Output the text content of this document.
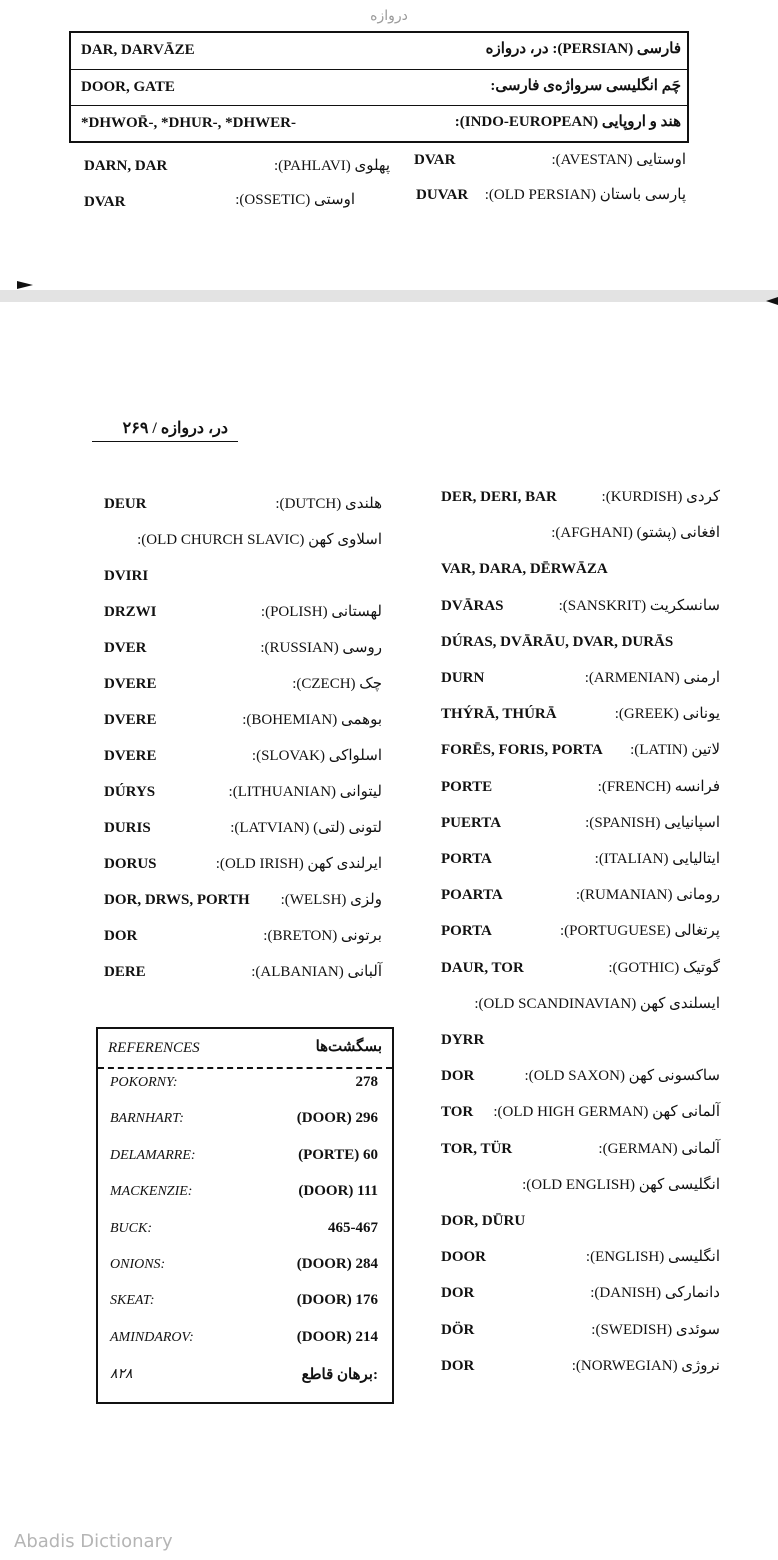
دروازه
DAR, DARVĀZE	فارسی (PERSIAN): در، دروازه
DOOR, GATE	چَم انگلیسی سرواژه‌ی فارسی:
*DHWOR̄-, *DHUR-, *DHWER-	هند و اروپایی (INDO-EUROPEAN):
DARN, DAR	پهلوی (PAHLAVI): DVAR	اوستایی (AVESTAN):
DVAR	اوستی (OSSETIC):	DUVAR	پارسی باستان (OLD PERSIAN):
در، دروازه / ۲۶۹
DER, DERI, BAR	کردی (KURDISH):
افغانی (پشتو) (AFGHANI):
VAR, DARA, DĒRWĀZA
DVĀRAS	سانسکریت (SANSKRIT):
DÚRAS, DVĀRĀU, DVAR, DURĀS
DURN	ارمنی (ARMENIAN):
THÝRĀ, THÚRĀ	یونانی (GREEK):
FORĒS, FORIS, PORTA	لاتین (LATIN):
PORTE	فرانسه (FRENCH):
PUERTA	اسپانیایی (SPANISH):
PORTA	ایتالیایی (ITALIAN):
POARTA	رومانی (RUMANIAN):
PORTA	پرتغالی (PORTUGUESE):
DAUR, TOR	گوتیک (GOTHIC):
ایسلندی کهن (OLD SCANDINAVIAN):
DYRR
DOR	ساکسونی کهن (OLD SAXON):
TOR آلمانی کهن (OLD HIGH GERMAN):
TOR, TÜR	آلمانی (GERMAN):
انگلیسی کهن (OLD ENGLISH):
DOR, DŪRU
DOOR	انگلیسی (ENGLISH):
DOR	دانمارکی (DANISH):
DÖR	سوئدی (SWEDISH):
DOR	نروژی (NORWEGIAN):
DEUR	هلندی (DUTCH):
اسلاوی کهن (OLD CHURCH SLAVIC):
DVIRI
DRZWI	لهستانی (POLISH):
DVER	روسی (RUSSIAN):
DVERE	چک (CZECH):
DVERE	بوهمی (BOHEMIAN):
DVERE	اسلواکی (SLOVAK):
DÚRYS	لیتوانی (LITHUANIAN):
DURIS	لتونی (لتی) (LATVIAN):
DORUS	ایرلندی کهن (OLD IRISH):
DOR, DRWS, PORTH	ولزی (WELSH):
DOR	برتونی (BRETON):
DERE	آلبانی (ALBANIAN):
REFERENCES	بسگشت‌ها
POKORNY:	278
BARNHART:	(DOOR) 296
DELAMARRE:	(PORTE) 60
MACKENZIE:	(DOOR) 111
BUCK:	465-467
ONIONS:	(DOOR) 284
SKEAT:	(DOOR) 176
AMINDAROV:	(DOOR) 214
۸۲۸	برهان قاطع:
Abadis Dictionary
